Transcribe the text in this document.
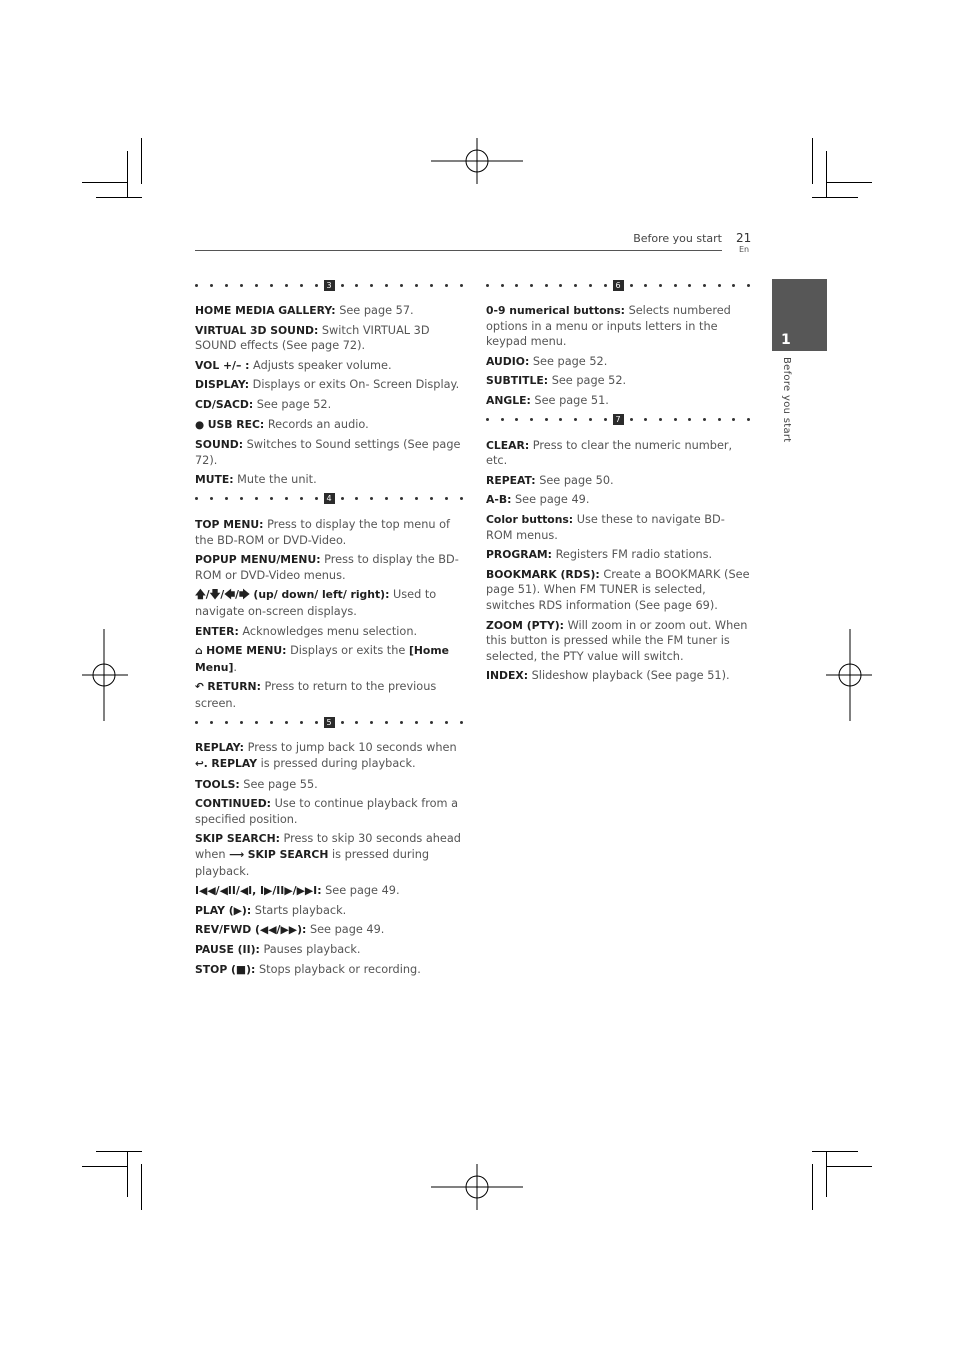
Before you start 21
En
1
Before you start
3

HOME MEDIA GALLERY: See page 57.

VIRTUAL 3D SOUND: Switch VIRTUAL 3D SOUND effects (See page 72).

VOL +/– : Adjusts speaker volume.

DISPLAY: Displays or exits On- Screen Display.

CD/SACD: See page 52.

● USB REC: Records an audio.

SOUND: Switches to Sound settings (See page 72).

MUTE: Mute the unit.

4

TOP MENU: Press to display the top menu of the BD-ROM or DVD-Video.

POPUP MENU/MENU: Press to display the BD-ROM or DVD-Video menus.

🡅/🡇/🡄/🡆 (up/ down/ left/ right): Used to navigate on-screen displays.

ENTER: Acknowledges menu selection.

⌂ HOME MENU: Displays or exits the [Home Menu].

↶ RETURN: Press to return to the previous screen.

5

REPLAY: Press to jump back 10 seconds when ↩. REPLAY is pressed during playback.

TOOLS: See page 55.

CONTINUED: Use to continue playback from a specified position.

SKIP SEARCH: Press to skip 30 seconds ahead when ⟶ SKIP SEARCH is pressed during playback.

I◀◀/◀II/◀I, I▶/II▶/▶▶I: See page 49.

PLAY (▶): Starts playback.

REV/FWD (◀◀/▶▶): See page 49.

PAUSE (II): Pauses playback.

STOP (■): Stops playback or recording.

6

0-9 numerical buttons: Selects numbered options in a menu or inputs letters in the keypad menu.

AUDIO: See page 52.

SUBTITLE: See page 52.

ANGLE: See page 51.

7

CLEAR: Press to clear the numeric number, etc.

REPEAT: See page 50.

A-B: See page 49.

Color buttons: Use these to navigate BD-ROM menus.

PROGRAM: Registers FM radio stations.

BOOKMARK (RDS): Create a BOOKMARK (See page 51). When FM TUNER is selected, switches RDS information (See page 69).

ZOOM (PTY): Will zoom in or zoom out. When this button is pressed while the FM tuner is selected, the PTY value will switch.

INDEX: Slideshow playback (See page 51).
